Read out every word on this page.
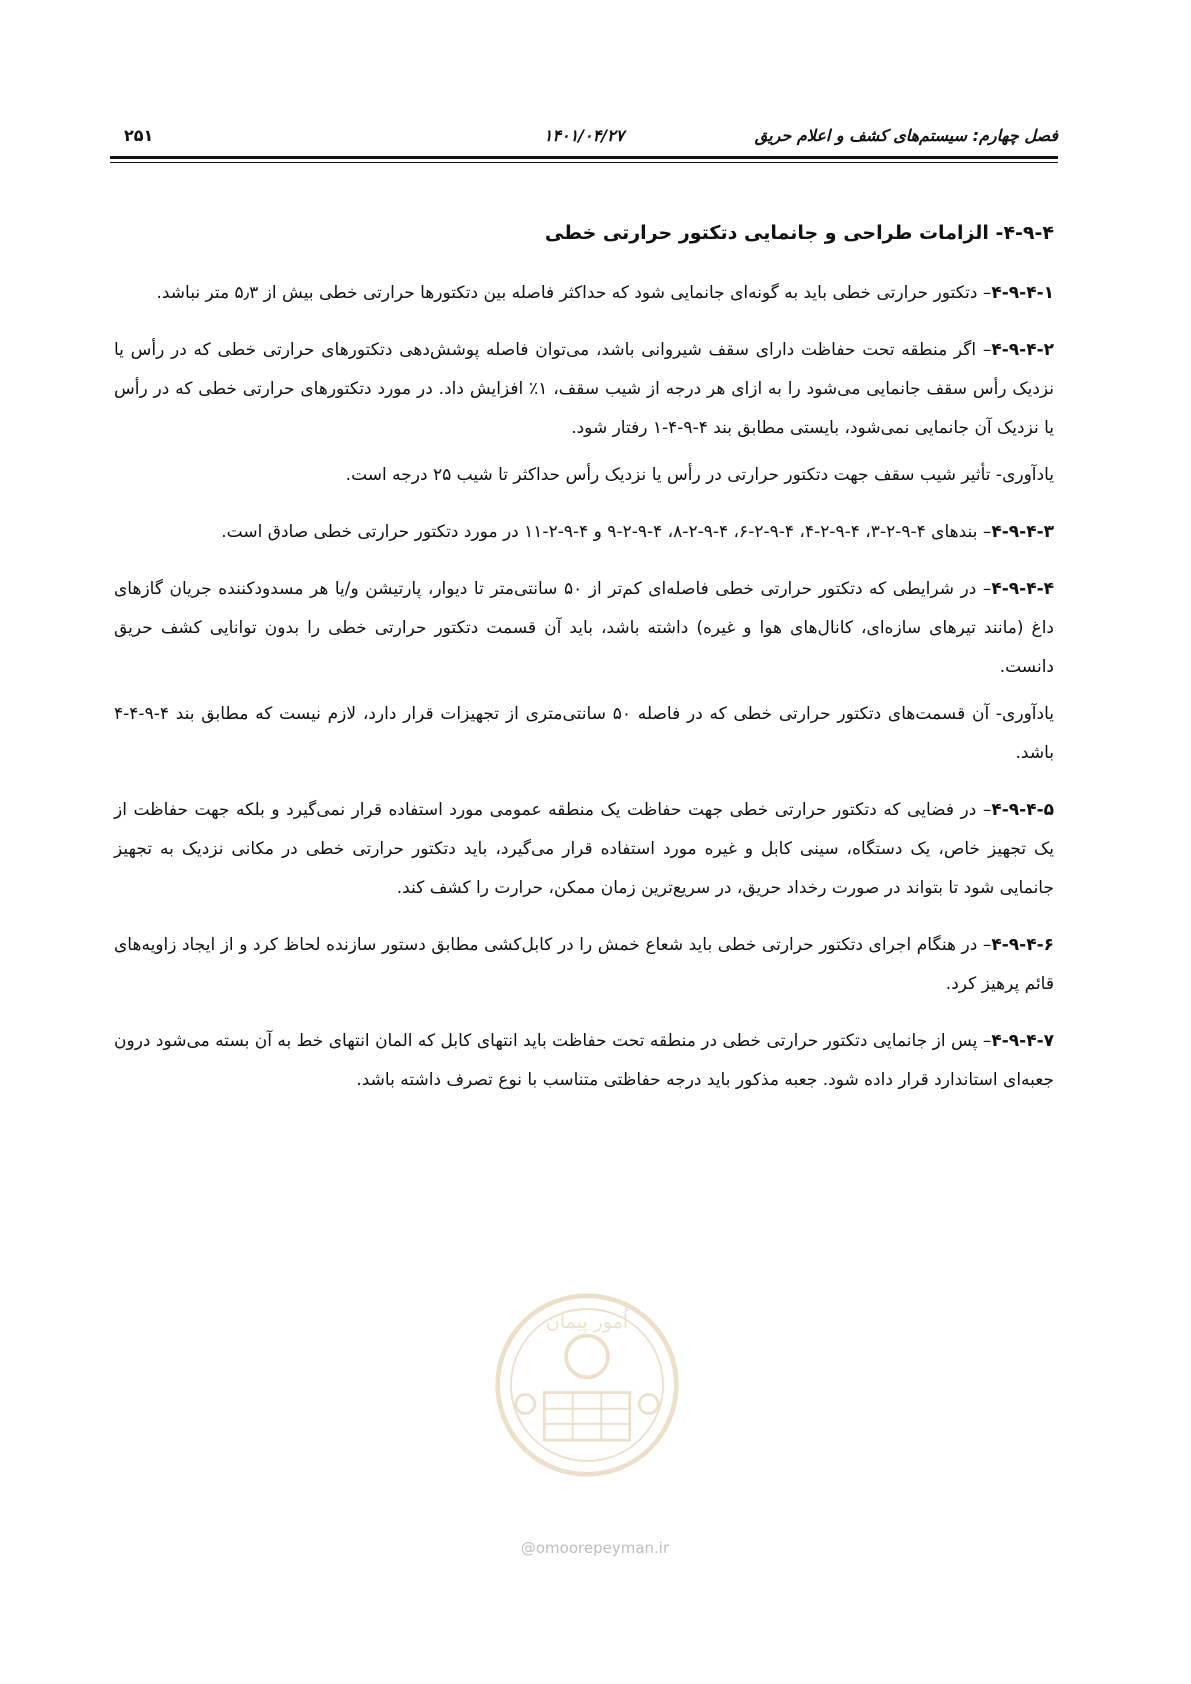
فصل چهارم: سیستم‌های کشف و اعلام حریق
۱۴۰۱/۰۴/۲۷
۲۵۱
۴-۹-۴- الزامات طراحی و جانمایی دتکتور حرارتی خطی

۴-۹-۴-۱– دتکتور حرارتی خطی باید به گونه‌ای جانمایی شود که حداکثر فاصله بین دتکتورها حرارتی خطی بیش از ۵٫۳ متر نباشد.

۴-۹-۴-۲– اگر منطقه تحت حفاظت دارای سقف شیروانی باشد، می‌توان فاصله پوشش‌دهی دتکتورهای حرارتی خطی که در رأس یا نزدیک رأس سقف جانمایی می‌شود را به ازای هر درجه از شیب سقف، ۱٪ افزایش داد. در مورد دتکتورهای حرارتی خطی که در رأس یا نزدیک آن جانمایی نمی‌شود، بایستی مطابق بند ۴-۹-۴-۱ رفتار شود.

یادآوری- تأثیر شیب سقف جهت دتکتور حرارتی در رأس یا نزدیک رأس حداکثر تا شیب ۲۵ درجه است.

۴-۹-۴-۳– بندهای ۴-۹-۲-۳، ۴-۹-۲-۴، ۴-۹-۲-۶، ۴-۹-۲-۸، ۴-۹-۲-۹ و ۴-۹-۲-۱۱ در مورد دتکتور حرارتی خطی صادق است.

۴-۹-۴-۴– در شرایطی که دتکتور حرارتی خطی فاصله‌ای کم‌تر از ۵۰ سانتی‌متر تا دیوار، پارتیشن و/یا هر مسدودکننده جریان گازهای داغ (مانند تیرهای سازه‌ای، کانال‌های هوا و غیره) داشته باشد، باید آن قسمت دتکتور حرارتی خطی را بدون توانایی کشف حریق دانست.

یادآوری- آن قسمت‌های دتکتور حرارتی خطی که در فاصله ۵۰ سانتی‌متری از تجهیزات قرار دارد، لازم نیست که مطابق بند ۴-۹-۴-۴ باشد.

۴-۹-۴-۵– در فضایی که دتکتور حرارتی خطی جهت حفاظت یک منطقه عمومی مورد استفاده قرار نمی‌گیرد و بلکه جهت حفاظت از یک تجهیز خاص، یک دستگاه، سینی کابل و غیره مورد استفاده قرار می‌گیرد، باید دتکتور حرارتی خطی در مکانی نزدیک به تجهیز جانمایی شود تا بتواند در صورت رخداد حریق، در سریع‌ترین زمان ممکن، حرارت را کشف کند.

۴-۹-۴-۶– در هنگام اجرای دتکتور حرارتی خطی باید شعاع خمش را در کابل‌کشی مطابق دستور سازنده لحاظ کرد و از ایجاد زاویه‌های قائم پرهیز کرد.

۴-۹-۴-۷– پس از جانمایی دتکتور حرارتی خطی در منطقه تحت حفاظت باید انتهای کابل که المان انتهای خط به آن بسته می‌شود درون جعبه‌ای استاندارد قرار داده شود. جعبه مذکور باید درجه حفاظتی متناسب با نوع تصرف داشته باشد.

اُمور پیمان
@omoorepeyman.ir
